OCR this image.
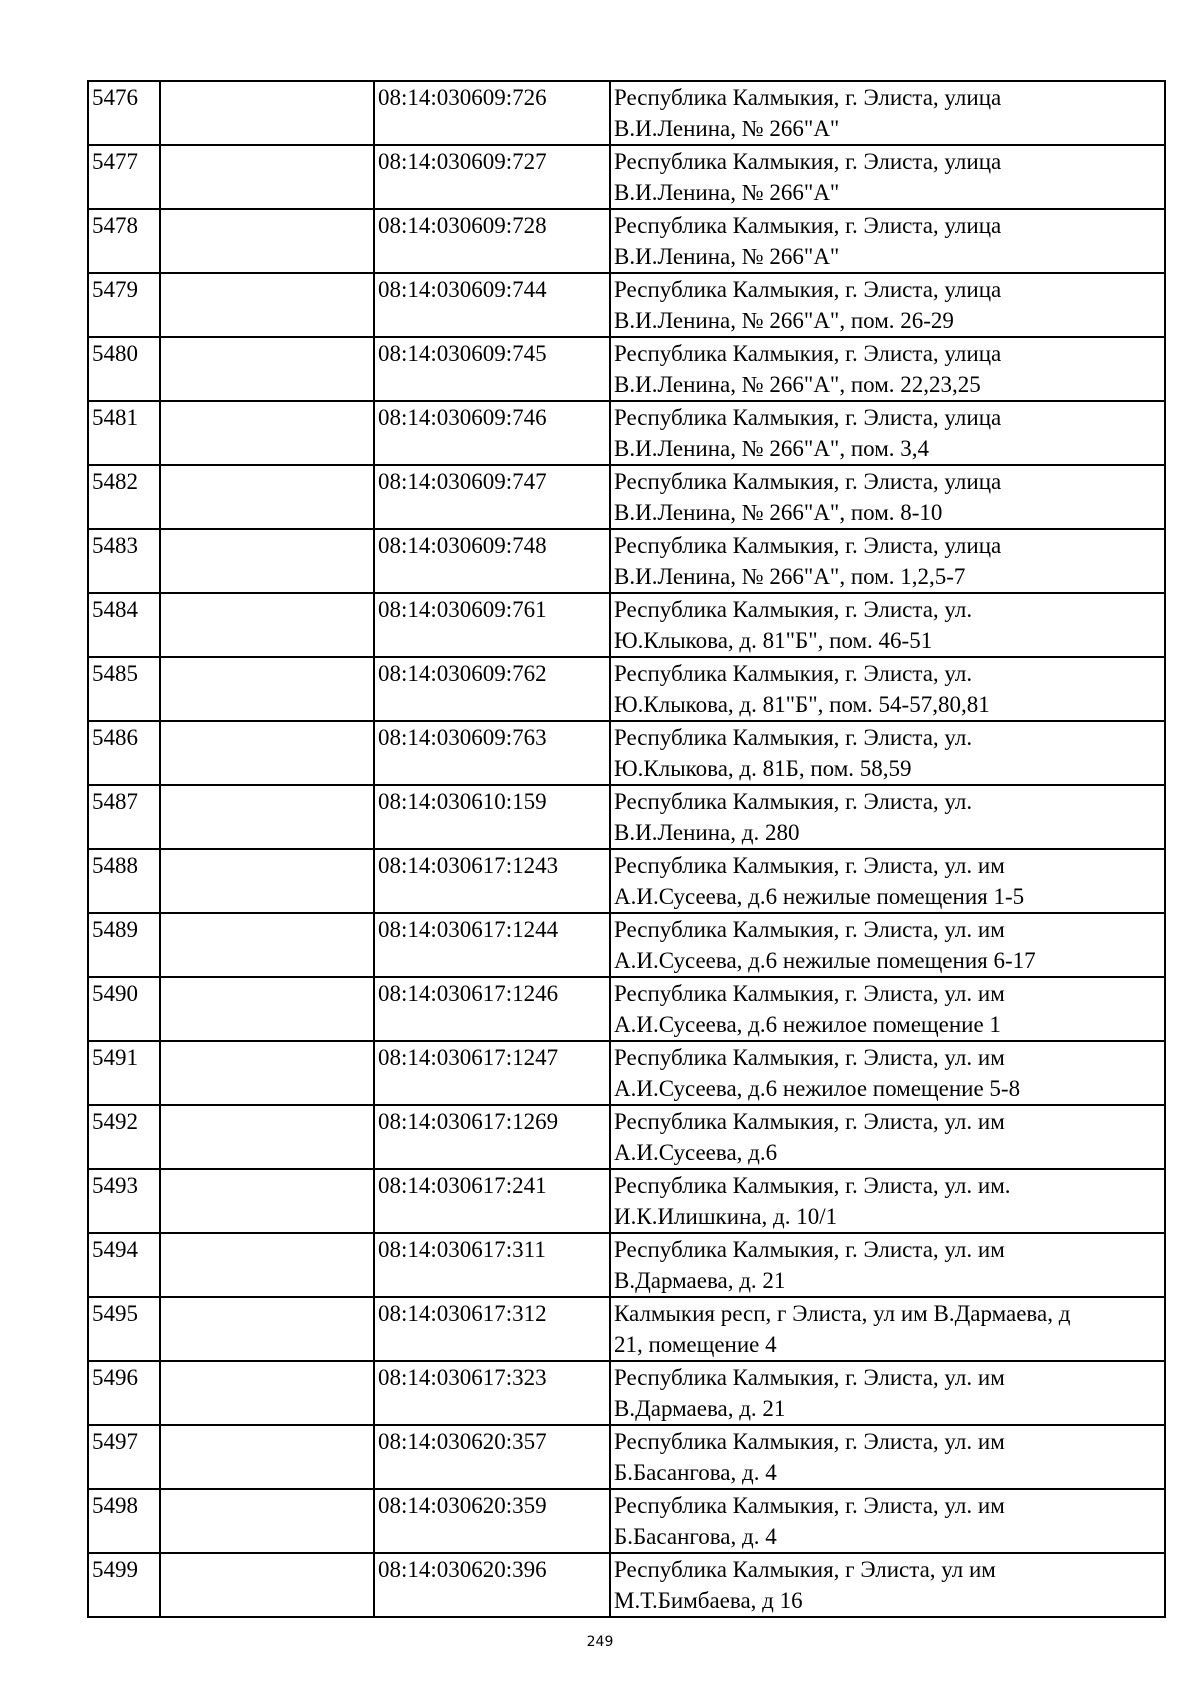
5476		08:14:030609:726	Республика Калмыкия, г. Элиста, улица
В.И.Ленина, № 266"А"
5477		08:14:030609:727	Республика Калмыкия, г. Элиста, улица
В.И.Ленина, № 266"А"
5478		08:14:030609:728	Республика Калмыкия, г. Элиста, улица
В.И.Ленина, № 266"А"
5479		08:14:030609:744	Республика Калмыкия, г. Элиста, улица
В.И.Ленина, № 266"А", пом. 26-29
5480		08:14:030609:745	Республика Калмыкия, г. Элиста, улица
В.И.Ленина, № 266"А", пом. 22,23,25
5481		08:14:030609:746	Республика Калмыкия, г. Элиста, улица
В.И.Ленина, № 266"А", пом. 3,4
5482		08:14:030609:747	Республика Калмыкия, г. Элиста, улица
В.И.Ленина, № 266"А", пом. 8-10
5483		08:14:030609:748	Республика Калмыкия, г. Элиста, улица
В.И.Ленина, № 266"А", пом. 1,2,5-7
5484		08:14:030609:761	Республика Калмыкия, г. Элиста, ул.
Ю.Клыкова, д. 81"Б", пом. 46-51
5485		08:14:030609:762	Республика Калмыкия, г. Элиста, ул.
Ю.Клыкова, д. 81"Б", пом. 54-57,80,81
5486		08:14:030609:763	Республика Калмыкия, г. Элиста, ул.
Ю.Клыкова, д. 81Б, пом. 58,59
5487		08:14:030610:159	Республика Калмыкия, г. Элиста, ул.
В.И.Ленина, д. 280
5488		08:14:030617:1243	Республика Калмыкия, г. Элиста, ул. им
А.И.Сусеева, д.6 нежилые помещения 1-5
5489		08:14:030617:1244	Республика Калмыкия, г. Элиста, ул. им
А.И.Сусеева, д.6 нежилые помещения 6-17
5490		08:14:030617:1246	Республика Калмыкия, г. Элиста, ул. им
А.И.Сусеева, д.6 нежилое помещение 1
5491		08:14:030617:1247	Республика Калмыкия, г. Элиста, ул. им
А.И.Сусеева, д.6 нежилое помещение 5-8
5492		08:14:030617:1269	Республика Калмыкия, г. Элиста, ул. им
А.И.Сусеева, д.6
5493		08:14:030617:241	Республика Калмыкия, г. Элиста, ул. им.
И.К.Илишкина, д. 10/1
5494		08:14:030617:311	Республика Калмыкия, г. Элиста, ул. им
В.Дармаева, д. 21
5495		08:14:030617:312	Калмыкия респ, г Элиста, ул им В.Дармаева, д
21, помещение 4
5496		08:14:030617:323	Республика Калмыкия, г. Элиста, ул. им
В.Дармаева, д. 21
5497		08:14:030620:357	Республика Калмыкия, г. Элиста, ул. им
Б.Басангова, д. 4
5498		08:14:030620:359	Республика Калмыкия, г. Элиста, ул. им
Б.Басангова, д. 4
5499		08:14:030620:396	Республика Калмыкия, г Элиста, ул им
М.Т.Бимбаева, д 16
249
